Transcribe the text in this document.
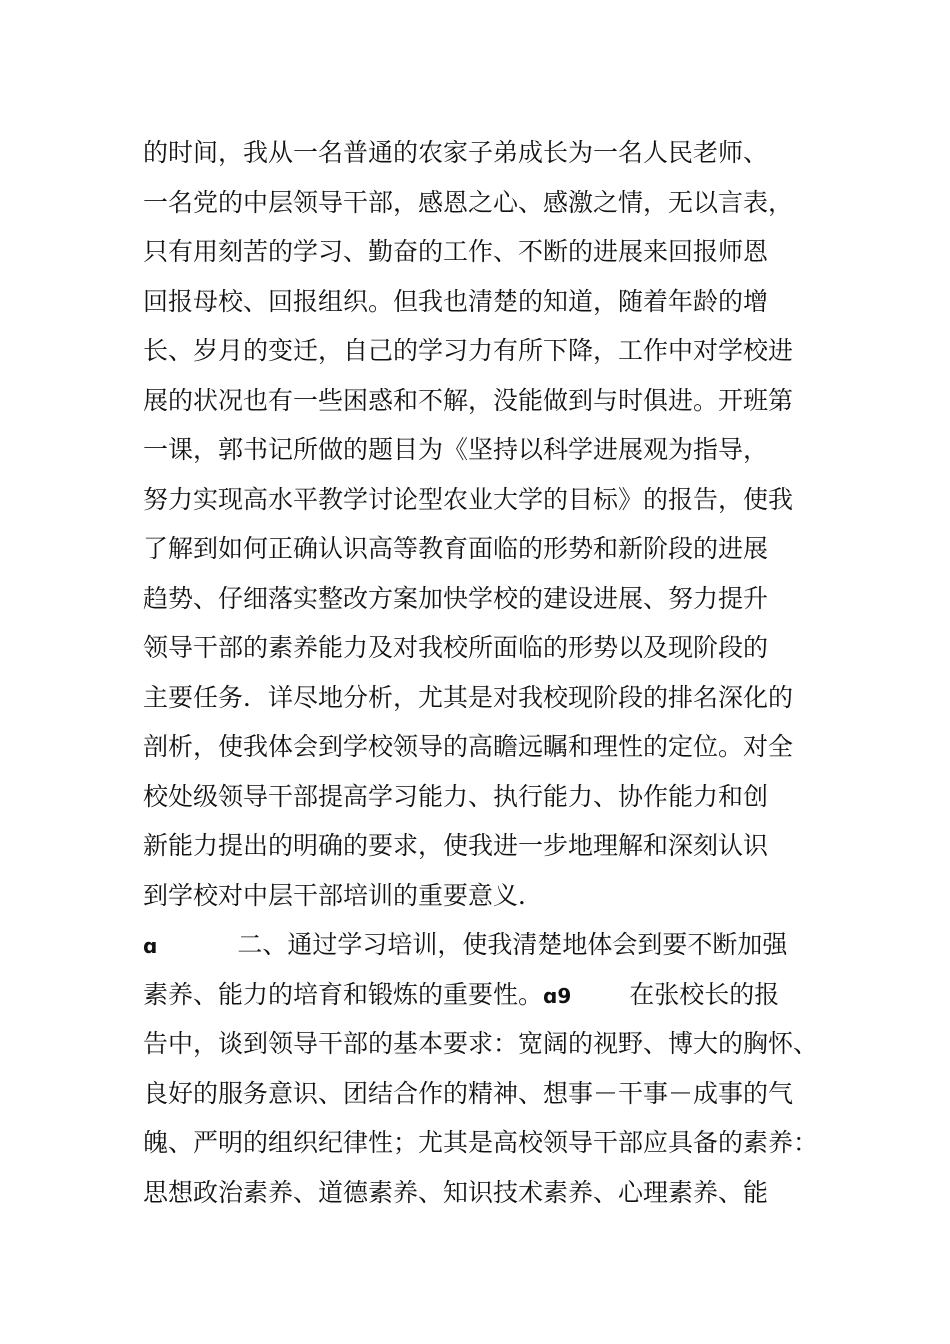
的时间，我从一名普通的农家子弟成长为一名人民老师、
一名党的中层领导干部，感恩之心、感激之情，无以言表，
只有用刻苦的学习、勤奋的工作、不断的进展来回报师恩
回报母校、回报组织。但我也清楚的知道，随着年龄的增
长、岁月的变迁，自己的学习力有所下降，工作中对学校进
展的状况也有一些困惑和不解，没能做到与时俱进。开班第
一课，郭书记所做的题目为《坚持以科学进展观为指导，
努力实现高水平教学讨论型农业大学的目标》的报告，使我
了解到如何正确认识高等教育面临的形势和新阶段的进展
趋势、仔细落实整改方案加快学校的建设进展、努力提升
领导干部的素养能力及对我校所面临的形势以及现阶段的
主要任务．详尽地分析，尤其是对我校现阶段的排名深化的
剖析，使我体会到学校领导的高瞻远瞩和理性的定位。对全
校处级领导干部提高学习能力、执行能力、协作能力和创
新能力提出的明确的要求，使我进一步地理解和深刻认识
到学校对中层干部培训的重要意义．
ɑ	二、通过学习培训，使我清楚地体会到要不断加强
素养、能力的培育和锻炼的重要性。ɑ9 在张校长的报
告中，谈到领导干部的基本要求：宽阔的视野、博大的胸怀、
良好的服务意识、团结合作的精神、想事－干事－成事的气
魄、严明的组织纪律性；尤其是高校领导干部应具备的素养：
思想政治素养、道德素养、知识技术素养、心理素养、能
